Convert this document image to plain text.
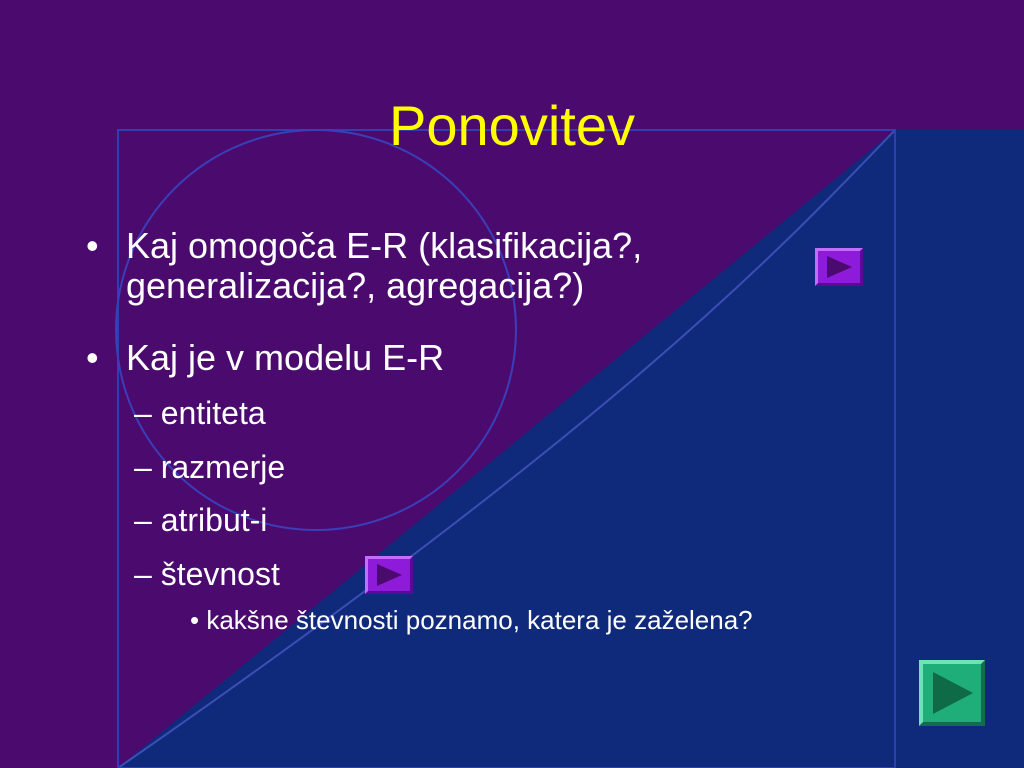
Ponovitev
• Kaj omogoča E-R (klasifikacija?,
generalizacija?, agregacija?)
• Kaj je v modelu E-R
– entiteta
– razmerje
– atribut-i
– števnost
• kakšne števnosti poznamo, katera je zaželena?
